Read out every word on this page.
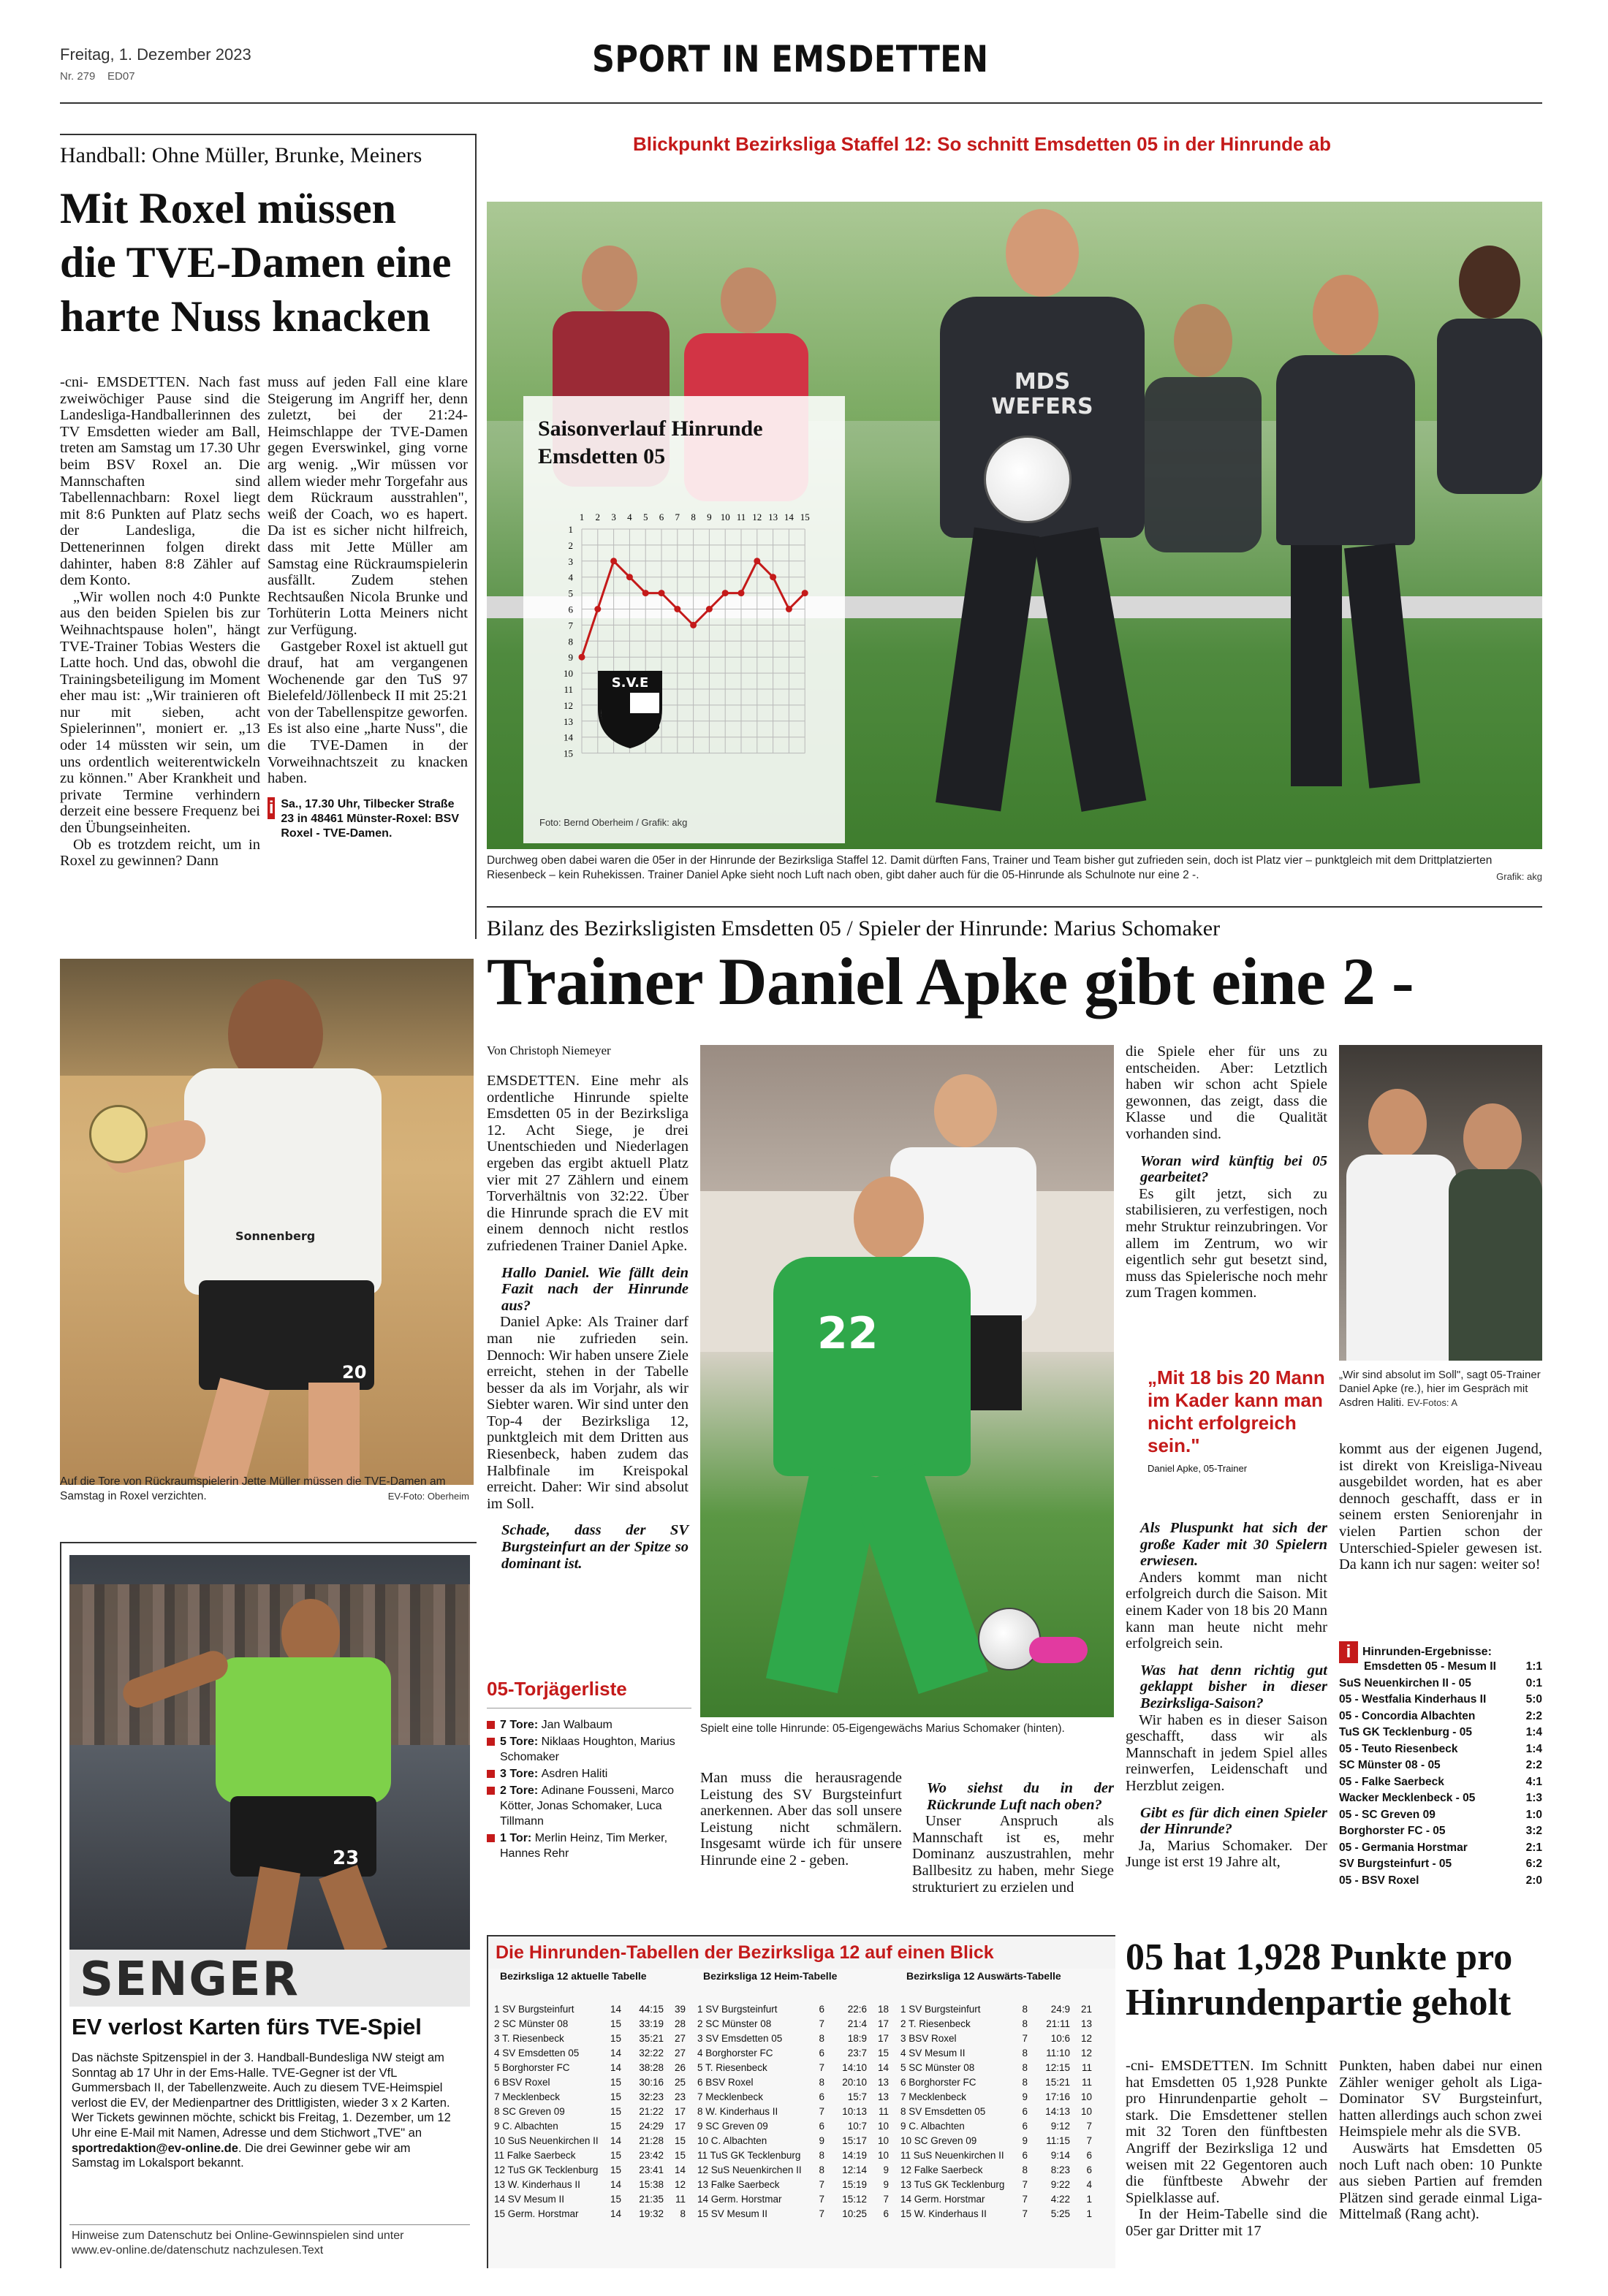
Freitag, 1. Dezember 2023
Nr. 279 ED07	SPORT IN EMSDETTEN
Handball: Ohne Müller, Brunke, Meiners
Mit Roxel müssen
die TVE-Damen eine
harte Nuss knacken

-cni- EMSDETTEN. Nach fast zweiwöchiger Pause sind die Landesliga-Handballerinnen des TV Emsdetten wieder am Ball, treten am Samstag um 17.30 Uhr beim BSV Roxel an. Die Mannschaften sind Tabellennachbarn: Roxel liegt mit 8:6 Punkten auf Platz sechs der Landesliga, die Dettenerinnen folgen direkt dahinter, haben 8:8 Zähler auf dem Konto.

„Wir wollen noch 4:0 Punkte aus den beiden Spielen bis zur Weihnachtspause holen", hängt TVE-Trainer Tobias Westers die Latte hoch. Und das, obwohl die Trainingsbeteiligung im Moment eher mau ist: „Wir trainieren oft nur mit sieben, acht Spielerinnen", moniert er. „13 oder 14 müssten wir sein, um uns ordentlich weiterentwickeln zu können." Aber Krankheit und private Termine verhindern derzeit eine bessere Frequenz bei den Übungseinheiten.

Ob es trotzdem reicht, um in Roxel zu gewinnen? Dann

muss auf jeden Fall eine klare Steigerung im Angriff her, denn zuletzt, bei der 21:24-Heimschlappe der TVE-Damen gegen Everswinkel, ging vorne arg wenig. „Wir müssen vor allem wieder mehr Torgefahr aus dem Rückraum ausstrahlen", weiß der Coach, wo es hapert. Da ist es sicher nicht hilfreich, dass mit Jette Müller am Samstag eine Rückraumspielerin ausfällt. Zudem stehen Rechtsaußen Nicola Brunke und Torhüterin Lotta Meiners nicht zur Verfügung.

Gastgeber Roxel ist aktuell gut drauf, hat am vergangenen Wochenende gar den TuS 97 Bielefeld/Jöllenbeck II mit 25:21 von der Tabellenspitze geworfen. Es ist also eine „harte Nuss", die die TVE-Damen in der Vorweihnachtszeit zu knacken haben.

i Sa., 17.30 Uhr, Tilbecker Straße 23 in 48461 Münster-Roxel: BSV Roxel - TVE-Damen.
Sonnenberg
20
Auf die Tore von Rückraumspielerin Jette Müller müssen die TVE-Damen am Samstag in Roxel verzichten.	EV-Foto: Oberheim
23
SENGER
EV verlost Karten fürs TVE-Spiel
Das nächste Spitzenspiel in der 3. Handball-Bundesliga NW steigt am Sonntag ab 17 Uhr in der Ems-Halle. TVE-Gegner ist der VfL Gummersbach II, der Tabellenzweite. Auch zu diesem TVE-Heimspiel verlost die EV, der Medienpartner des Drittligisten, wieder 3 x 2 Karten. Wer Tickets gewinnen möchte, schickt bis Freitag, 1. Dezember, um 12 Uhr eine E-Mail mit Namen, Adresse und dem Stichwort „TVE" an sportredaktion@ev-online.de. Die drei Gewinner gebe wir am Samstag im Lokalsport bekannt.
Hinweise zum Datenschutz bei Online-Gewinnspielen sind unter
www.ev-online.de/datenschutz nachzulesen.Text
Blickpunkt Bezirksliga Staffel 12: So schnitt Emsdetten 05 in der Hinrunde ab
MDS WEFERS
Saisonverlauf Hinrunde Emsdetten 05
1 2 3 4 5 6 7 8 9 10 11 12 13 14 15
1
2
3
4
5
6
7
8
9
10
11
12
13
14
15
S.V.E
Foto: Bernd Oberheim / Grafik: akg
Durchweg oben dabei waren die 05er in der Hinrunde der Bezirksliga Staffel 12. Damit dürften Fans, Trainer und Team bisher gut zufrieden sein, doch ist Platz vier – punktgleich mit dem Drittplatzierten Riesenbeck – kein Ruhekissen. Trainer Daniel Apke sieht noch Luft nach oben, gibt daher auch für die 05-Hinrunde als Schulnote nur eine 2 -.	Grafik: akg
Bilanz des Bezirksligisten Emsdetten 05 / Spieler der Hinrunde: Marius Schomaker
Trainer Daniel Apke gibt eine 2 -
Von Christoph Niemeyer

EMSDETTEN. Eine mehr als ordentliche Hinrunde spielte Emsdetten 05 in der Bezirksliga 12. Acht Siege, je drei Unentschieden und Niederlagen ergeben das ergibt aktuell Platz vier mit 27 Zählern und einem Torverhältnis von 32:22. Über die Hinrunde sprach die EV mit einem dennoch nicht restlos zufriedenen Trainer Daniel Apke.

Hallo Daniel. Wie fällt dein Fazit nach der Hinrunde aus?

Daniel Apke: Als Trainer darf man nie zufrieden sein. Dennoch: Wir haben unsere Ziele erreicht, stehen in der Tabelle besser da als im Vorjahr, als wir Siebter waren. Wir sind unter den Top-4 der Bezirksliga 12, punktgleich mit dem Dritten aus Riesenbeck, haben zudem das Halbfinale im Kreispokal erreicht. Daher: Wir sind absolut im Soll.

Schade, dass der SV Burgsteinfurt an der Spitze so dominant ist.

22
Spielt eine tolle Hinrunde: 05-Eigengewächs Marius Schomaker (hinten).

Man muss die herausragende Leistung des SV Burgsteinfurt anerkennen. Aber das soll unsere Leistung nicht schmälern. Insgesamt würde ich für unsere Hinrunde eine 2 - geben.

Wo siehst du in der Rückrunde Luft nach oben?

Unser Anspruch als Mannschaft ist es, mehr Dominanz auszustrahlen, mehr Ballbesitz zu haben, mehr Siege strukturiert zu erzielen und

die Spiele eher für uns zu entscheiden. Aber: Letztlich haben wir schon acht Spiele gewonnen, das zeigt, dass die Klasse und die Qualität vorhanden sind.

Woran wird künftig bei 05 gearbeitet?

Es gilt jetzt, sich zu stabilisieren, zu verfestigen, noch mehr Struktur reinzubringen. Vor allem im Zentrum, wo wir eigentlich sehr gut besetzt sind, muss das Spielerische noch mehr zum Tragen kommen.

„Mit 18 bis 20 Mann im Kader kann man nicht erfolgreich sein."
Daniel Apke, 05-Trainer

Als Pluspunkt hat sich der große Kader mit 30 Spielern erwiesen.

Anders kommt man nicht erfolgreich durch die Saison. Mit einem Kader von 18 bis 20 Mann kann man heute nicht mehr erfolgreich sein.

Was hat denn richtig gut geklappt bisher in dieser Bezirksliga-Saison?

Wir haben es in dieser Saison geschafft, dass wir als Mannschaft in jedem Spiel alles reinwerfen, Leidenschaft und Herzblut zeigen.

Gibt es für dich einen Spieler der Hinrunde?

Ja, Marius Schomaker. Der Junge ist erst 19 Jahre alt,

„Wir sind absolut im Soll", sagt 05-Trainer Daniel Apke (re.), hier im Gespräch mit Asdren Haliti. EV-Fotos: A

kommt aus der eigenen Jugend, ist direkt von Kreisliga-Niveau ausgebildet worden, hat es aber dennoch geschafft, dass er in seinem ersten Seniorenjahr in vielen Partien schon der Unterschied-Spieler gewesen ist. Da kann ich nur sagen: weiter so!

i Hinrunden-Ergebnisse:
Emsdetten 05 - Mesum II	1:1
SuS Neuenkirchen II - 05	0:1
05 - Westfalia Kinderhaus II	5:0
05 - Concordia Albachten	2:2
TuS GK Tecklenburg - 05	1:4
05 - Teuto Riesenbeck	1:4
SC Münster 08 - 05	2:2
05 - Falke Saerbeck	4:1
Wacker Mecklenbeck - 05	1:3
05 - SC Greven 09	1:0
Borghorster FC - 05	3:2
05 - Germania Horstmar	2:1
SV Burgsteinfurt - 05	6:2
05 - BSV Roxel	2:0
05-Torjägerliste
7 Tore: Jan Walbaum
5 Tore: Niklaas Houghton, Marius Schomaker
3 Tore: Asdren Haliti
2 Tore: Adinane Fousseni, Marco Kötter, Jonas Schomaker, Luca Tillmann
1 Tor: Merlin Heinz, Tim Merker, Hannes Rehr
Die Hinrunden-Tabellen der Bezirksliga 12 auf einen Blick
Bezirksliga 12 aktuelle Tabelle
1 SV Burgsteinfurt	14	44:15	39
2 SC Münster 08	15	33:19	28
3 T. Riesenbeck	15	35:21	27
4 SV Emsdetten 05	14	32:22	27
5 Borghorster FC	14	38:28	26
6 BSV Roxel	15	30:16	25
7 Mecklenbeck	15	32:23	23
8 SC Greven 09	15	21:22	17
9 C. Albachten	15	24:29	17
10 SuS Neuenkirchen II	14	21:28	15
11 Falke Saerbeck	15	23:42	15
12 TuS GK Tecklenburg	15	23:41	14
13 W. Kinderhaus II	14	15:38	12
14 SV Mesum II	15	21:35	11
15 Germ. Horstmar	14	19:32	8
Bezirksliga 12 Heim-Tabelle
1 SV Burgsteinfurt	6	22:6	18
2 SC Münster 08	7	21:4	17
3 SV Emsdetten 05	8	18:9	17
4 Borghorster FC	6	23:7	15
5 T. Riesenbeck	7	14:10	14
6 BSV Roxel	8	20:10	13
7 Mecklenbeck	6	15:7	13
8 W. Kinderhaus II	7	10:13	11
9 SC Greven 09	6	10:7	10
10 C. Albachten	9	15:17	10
11 TuS GK Tecklenburg	8	14:19	10
12 SuS Neuenkirchen II	8	12:14	9
13 Falke Saerbeck	7	15:19	9
14 Germ. Horstmar	7	15:12	7
15 SV Mesum II	7	10:25	6
Bezirksliga 12 Auswärts-Tabelle
1 SV Burgsteinfurt	8	24:9	21
2 T. Riesenbeck	8	21:11	13
3 BSV Roxel	7	10:6	12
4 SV Mesum II	8	11:10	12
5 SC Münster 08	8	12:15	11
6 Borghorster FC	8	15:21	11
7 Mecklenbeck	9	17:16	10
8 SV Emsdetten 05	6	14:13	10
9 C. Albachten	6	9:12	7
10 SC Greven 09	9	11:15	7
11 SuS Neuenkirchen II	6	9:14	6
12 Falke Saerbeck	8	8:23	6
13 TuS GK Tecklenburg	7	9:22	4
14 Germ. Horstmar	7	4:22	1
15 W. Kinderhaus II	7	5:25	1
05 hat 1,928 Punkte pro
Hinrundenpartie geholt

-cni- EMSDETTEN. Im Schnitt hat Emsdetten 05 1,928 Punkte pro Hinrundenpartie geholt – stark. Die Emsdettener stellen mit 32 Toren den fünftbesten Angriff der Bezirksliga 12 und weisen mit 22 Gegentoren auch die fünftbeste Abwehr der Spielklasse auf.

In der Heim-Tabelle sind die 05er gar Dritter mit 17

Punkten, haben dabei nur einen Zähler weniger geholt als Liga-Dominator SV Burgsteinfurt, hatten allerdings auch schon zwei Heimspiele mehr als die SVB.

Auswärts hat Emsdetten 05 noch Luft nach oben: 10 Punkte aus sieben Partien auf fremden Plätzen sind gerade einmal Liga-Mittelmaß (Rang acht).
